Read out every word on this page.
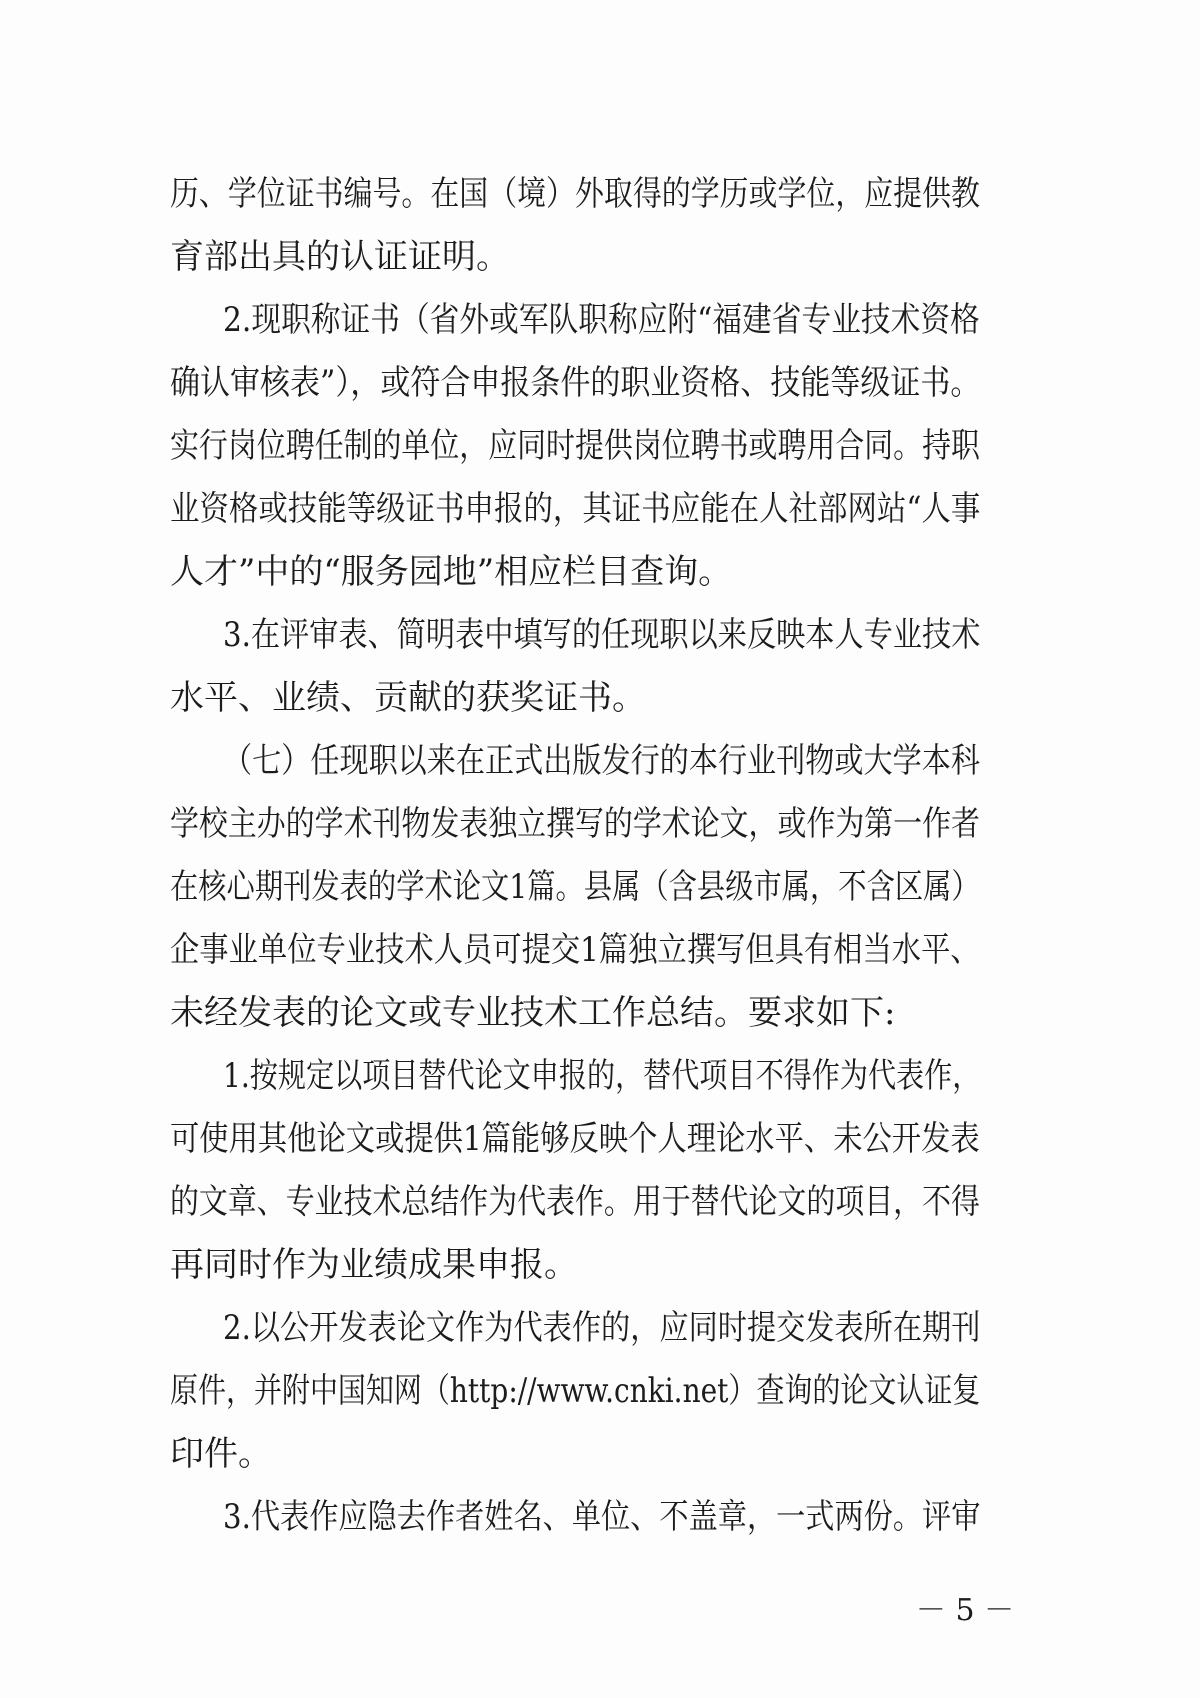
历、学位证书编号。在国（境）外取得的学历或学位，应提供教
育部出具的认证证明。
2.现职称证书（省外或军队职称应附“福建省专业技术资格
确认审核表”），或符合申报条件的职业资格、技能等级证书。
实行岗位聘任制的单位，应同时提供岗位聘书或聘用合同。持职
业资格或技能等级证书申报的，其证书应能在人社部网站“人事
人才”中的“服务园地”相应栏目查询。
3.在评审表、简明表中填写的任现职以来反映本人专业技术
水平、业绩、贡献的获奖证书。
（七）任现职以来在正式出版发行的本行业刊物或大学本科
学校主办的学术刊物发表独立撰写的学术论文，或作为第一作者
在核心期刊发表的学术论文1篇。县属（含县级市属，不含区属）
企事业单位专业技术人员可提交1篇独立撰写但具有相当水平、
未经发表的论文或专业技术工作总结。要求如下:
1.按规定以项目替代论文申报的，替代项目不得作为代表作，
可使用其他论文或提供1篇能够反映个人理论水平、未公开发表
的文章、专业技术总结作为代表作。用于替代论文的项目，不得
再同时作为业绩成果申报。
2.以公开发表论文作为代表作的，应同时提交发表所在期刊
原件，并附中国知网（http://www.cnki.net）查询的论文认证复
印件。
3.代表作应隐去作者姓名、单位、不盖章，一式两份。评审
－ 5 －
